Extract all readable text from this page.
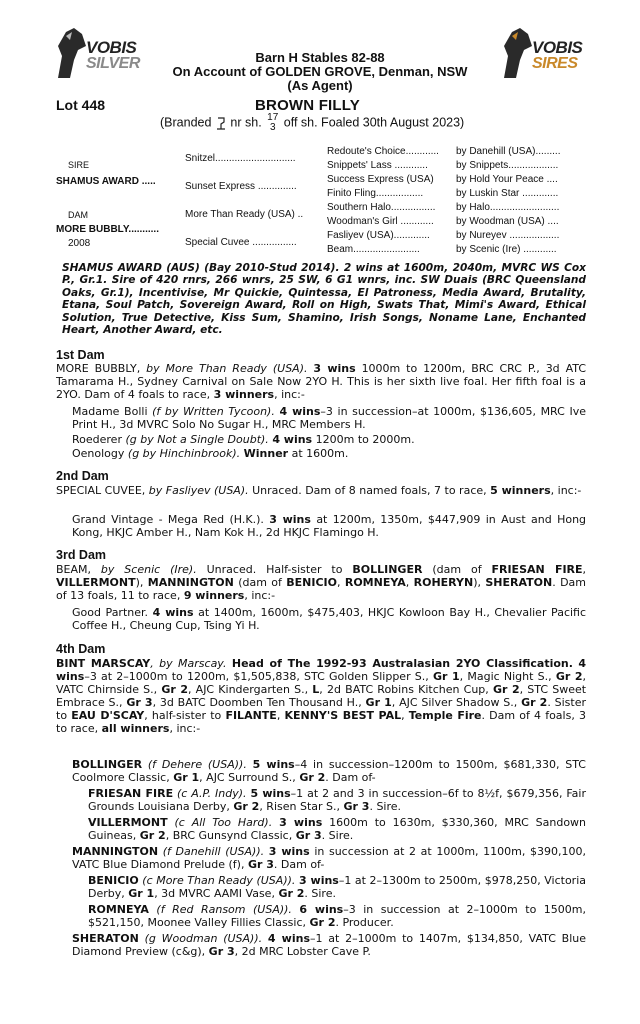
VOBIS
SILVER
VOBIS
SIRES
Barn H Stables 82-88
On Account of GOLDEN GROVE, Denman, NSW
(As Agent)
Lot 448	BROWN FILLY
(Branded nr sh. 17
3 off sh. Foaled 30th August 2023)
SIRE
SHAMUS AWARD .....
DAM
MORE BUBBLY...........
2008
Snitzel.............................
Sunset Express ..............
More Than Ready (USA) ..
Special Cuvee ................
Redoute's Choice............
Snippets' Lass ............
Success Express (USA)
Finito Fling.................
Southern Halo................
Woodman's Girl ............
Fasliyev (USA).............
Beam........................
by Danehill (USA).........
by Snippets..................
by Hold Your Peace ....
by Luskin Star .............
by Halo.........................
by Woodman (USA) ....
by Nureyev ..................
by Scenic (Ire) ............
SHAMUS AWARD (AUS) (Bay 2010-Stud 2014). 2 wins at 1600m, 2040m, MVRC WS Cox P., Gr.1. Sire of 420 rnrs, 266 wnrs, 25 SW, 6 G1 wnrs, inc. SW Duais (BRC Queensland Oaks, Gr.1), Incentivise, Mr Quickie, Quintessa, El Patroness, Media Award, Brutality, Etana, Soul Patch, Sovereign Award, Roll on High, Swats That, Mimi's Award, Ethical Solution, True Detective, Kiss Sum, Shamino, Irish Songs, Noname Lane, Enchanted Heart, Another Award, etc.
1st Dam
MORE BUBBLY, by More Than Ready (USA). 3 wins 1000m to 1200m, BRC CRC P., 3d ATC Tamarama H., Sydney Carnival on Sale Now 2YO H. This is her sixth live foal. Her fifth foal is a 2YO. Dam of 4 foals to race, 3 winners, inc:-
Madame Bolli (f by Written Tycoon). 4 wins–3 in succession–at 1000m, $136,605, MRC Ive Print H., 3d MVRC Solo No Sugar H., MRC Members H.
Roederer (g by Not a Single Doubt). 4 wins 1200m to 2000m.
Oenology (g by Hinchinbrook). Winner at 1600m.
2nd Dam
SPECIAL CUVEE, by Fasliyev (USA). Unraced. Dam of 8 named foals, 7 to race, 5 winners, inc:-
Grand Vintage - Mega Red (H.K.). 3 wins at 1200m, 1350m, $447,909 in Aust and Hong Kong, HKJC Amber H., Nam Kok H., 2d HKJC Flamingo H.
3rd Dam
BEAM, by Scenic (Ire). Unraced. Half-sister to BOLLINGER (dam of FRIESAN FIRE, VILLERMONT), MANNINGTON (dam of BENICIO, ROMNEYA, ROHERYN), SHERATON. Dam of 13 foals, 11 to race, 9 winners, inc:-
Good Partner. 4 wins at 1400m, 1600m, $475,403, HKJC Kowloon Bay H., Chevalier Pacific Coffee H., Cheung Cup, Tsing Yi H.
4th Dam
BINT MARSCAY, by Marscay. Head of The 1992-93 Australasian 2YO Classification. 4 wins–3 at 2–1000m to 1200m, $1,505,838, STC Golden Slipper S., Gr 1, Magic Night S., Gr 2, VATC Chirnside S., Gr 2, AJC Kindergarten S., L, 2d BATC Robins Kitchen Cup, Gr 2, STC Sweet Embrace S., Gr 3, 3d BATC Doomben Ten Thousand H., Gr 1, AJC Silver Shadow S., Gr 2. Sister to EAU D'SCAY, half-sister to FILANTE, KENNY'S BEST PAL, Temple Fire. Dam of 4 foals, 3 to race, all winners, inc:-
BOLLINGER (f Dehere (USA)). 5 wins–4 in succession–1200m to 1500m, $681,330, STC Coolmore Classic, Gr 1, AJC Surround S., Gr 2. Dam of-
FRIESAN FIRE (c A.P. Indy). 5 wins–1 at 2 and 3 in succession–6f to 8½f, $679,356, Fair Grounds Louisiana Derby, Gr 2, Risen Star S., Gr 3. Sire.
VILLERMONT (c All Too Hard). 3 wins 1600m to 1630m, $330,360, MRC Sandown Guineas, Gr 2, BRC Gunsynd Classic, Gr 3. Sire.
MANNINGTON (f Danehill (USA)). 3 wins in succession at 2 at 1000m, 1100m, $390,100, VATC Blue Diamond Prelude (f), Gr 3. Dam of-
BENICIO (c More Than Ready (USA)). 3 wins–1 at 2–1300m to 2500m, $978,250, Victoria Derby, Gr 1, 3d MVRC AAMI Vase, Gr 2. Sire.
ROMNEYA (f Red Ransom (USA)). 6 wins–3 in succession at 2–1000m to 1500m, $521,150, Moonee Valley Fillies Classic, Gr 2. Producer.
SHERATON (g Woodman (USA)). 4 wins–1 at 2–1000m to 1407m, $134,850, VATC Blue Diamond Preview (c&g), Gr 3, 2d MRC Lobster Cave P.
